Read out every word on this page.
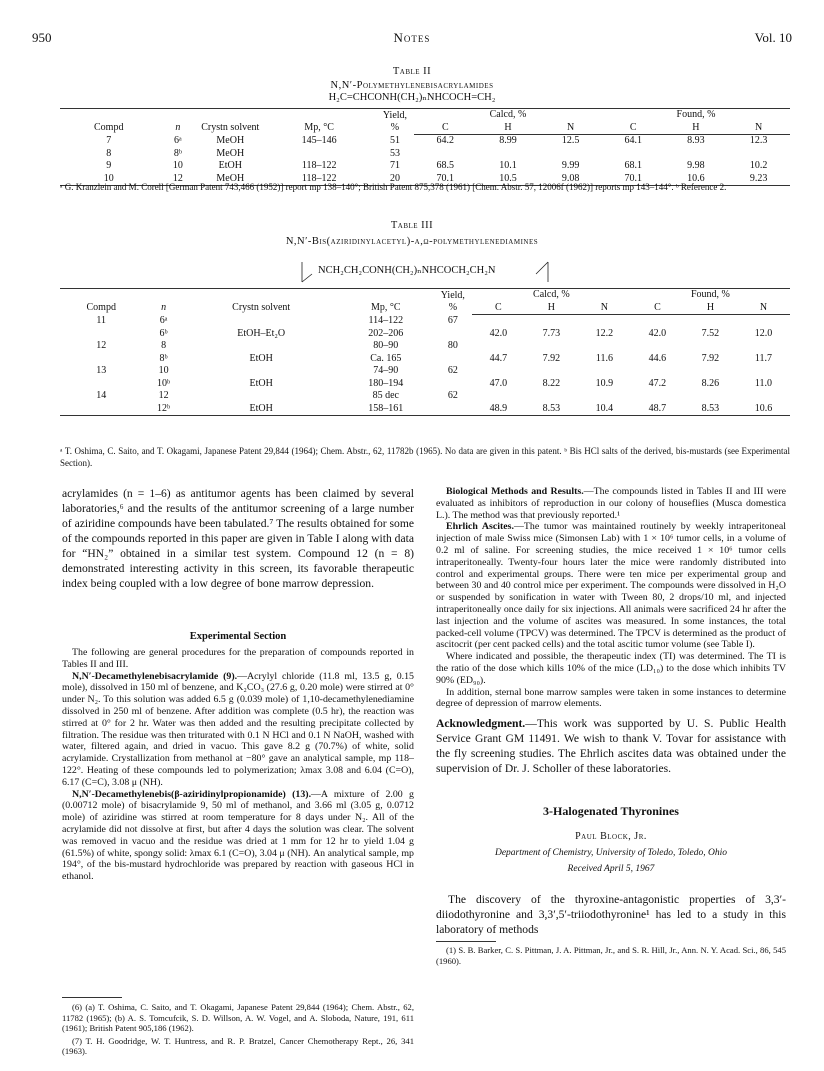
950	Notes	Vol. 10
Table II
N,N′-Polymethylenebisacrylamides
H₂C=CHCONH(CH₂)ₙNHCOCH=CH₂
Compd	n	Crystn solvent	Mp, °C	Yield, %	Calcd, %			Found, %		
					C	H	N	C	H	N
7	6ᵃ	MeOH	145–146	51	64.2	8.99	12.5	64.1	8.93	12.3
8	8ᵇ	MeOH		53						
9	10	EtOH	118–122	71	68.5	10.1	9.99	68.1	9.98	10.2
10	12	MeOH	118–122	20	70.1	10.5	9.08	70.1	10.6	9.23
ᵃ G. Kranzlein and M. Corell [German Patent 743,466 (1952)] report mp 138–140°; British Patent 875,378 (1961) [Chem. Abstr. 57, 12006f (1962)] reports mp 143–144°. ᵇ Reference 2.
Table III
N,N′-Bis(aziridinylacetyl)-α,ω-polymethylenediamines
NCH₂CH₂CONH(CH₂)ₙNHCOCH₂CH₂N
Compd	n	Crystn solvent	Mp, °C	Yield, %	Calcd, %			Found, %		
					C	H	N	C	H	N
11	6ᵃ		114–122	67						
	6ᵇ	EtOH–Et₂O	202–206		42.0	7.73	12.2	42.0	7.52	12.0
12	8		80–90	80						
	8ᵇ	EtOH	Ca. 165		44.7	7.92	11.6	44.6	7.92	11.7
13	10		74–90	62						
	10ᵇ	EtOH	180–194		47.0	8.22	10.9	47.2	8.26	11.0
14	12		85 dec	62						
	12ᵇ	EtOH	158–161		48.9	8.53	10.4	48.7	8.53	10.6
ᵃ T. Oshima, C. Saito, and T. Okagami, Japanese Patent 29,844 (1964); Chem. Abstr., 62, 11782b (1965). No data are given in this patent. ᵇ Bis HCl salts of the derived, bis-mustards (see Experimental Section).

acrylamides (n = 1–6) as antitumor agents has been claimed by several laboratories,⁶ and the results of the antitumor screening of a large number of aziridine compounds have been tabulated.⁷ The results obtained for some of the compounds reported in this paper are given in Table I along with data for “HN₂” obtained in a similar test system. Compound 12 (n = 8) demonstrated interesting activity in this screen, its favorable therapeutic index being coupled with a low degree of bone marrow depression.

Experimental Section

The following are general procedures for the preparation of compounds reported in Tables II and III.

N,N′-Decamethylenebisacrylamide (9).—Acrylyl chloride (11.8 ml, 13.5 g, 0.15 mole), dissolved in 150 ml of benzene, and K₂CO₃ (27.6 g, 0.20 mole) were stirred at 0° under N₂. To this solution was added 6.5 g (0.039 mole) of 1,10-decamethylenediamine dissolved in 250 ml of benzene. After addition was complete (0.5 hr), the reaction was stirred at 0° for 2 hr. Water was then added and the resulting precipitate collected by filtration. The residue was then triturated with 0.1 N HCl and 0.1 N NaOH, washed with water, filtered again, and dried in vacuo. This gave 8.2 g (70.7%) of white, solid acrylamide. Crystallization from methanol at −80° gave an analytical sample, mp 118–122°. Heating of these compounds led to polymerization; λmax 3.08 and 6.04 (C=O), 6.17 (C=C), 3.08 μ (NH).

N,N′-Decamethylenebis(β-aziridinylpropionamide) (13).—A mixture of 2.00 g (0.00712 mole) of bisacrylamide 9, 50 ml of methanol, and 3.66 ml (3.05 g, 0.0712 mole) of aziridine was stirred at room temperature for 8 days under N₂. All of the acrylamide did not dissolve at first, but after 4 days the solution was clear. The solvent was removed in vacuo and the residue was dried at 1 mm for 12 hr to yield 1.04 g (61.5%) of white, spongy solid: λmax 6.1 (C=O), 3.04 μ (NH). An analytical sample, mp 194°, of the bis-mustard hydrochloride was prepared by reaction with gaseous HCl in ethanol.

(6) (a) T. Oshima, C. Saito, and T. Okagami, Japanese Patent 29,844 (1964); Chem. Abstr., 62, 11782 (1965); (b) A. S. Tomcufcik, S. D. Willson, A. W. Vogel, and A. Sloboda, Nature, 191, 611 (1961); British Patent 905,186 (1962).

(7) T. H. Goodridge, W. T. Huntress, and R. P. Bratzel, Cancer Chemotherapy Rept., 26, 341 (1963).

Biological Methods and Results.—The compounds listed in Tables II and III were evaluated as inhibitors of reproduction in our colony of houseflies (Musca domestica L.). The method was that previously reported.¹

Ehrlich Ascites.—The tumor was maintained routinely by weekly intraperitoneal injection of male Swiss mice (Simonsen Lab) with 1 × 10⁶ tumor cells, in a volume of 0.2 ml of saline. For screening studies, the mice received 1 × 10⁶ tumor cells intraperitoneally. Twenty-four hours later the mice were randomly distributed into control and experimental groups. There were ten mice per experimental group and between 30 and 40 control mice per experiment. The compounds were dissolved in H₂O or suspended by sonification in water with Tween 80, 2 drops/10 ml, and injected intraperitoneally once daily for six injections. All animals were sacrificed 24 hr after the last injection and the volume of ascites was measured. In some instances, the total packed-cell volume (TPCV) was determined. The TPCV is determined as the product of ascitocrit (per cent packed cells) and the total ascitic tumor volume (see Table I).

Where indicated and possible, the therapeutic index (TI) was determined. The TI is the ratio of the dose which kills 10% of the mice (LD₁₀) to the dose which inhibits TV 90% (ED₉₀).

In addition, sternal bone marrow samples were taken in some instances to determine degree of depression of marrow elements.

Acknowledgment.—This work was supported by U. S. Public Health Service Grant GM 11491. We wish to thank V. Tovar for assistance with the fly screening studies. The Ehrlich ascites data was obtained under the supervision of Dr. J. Scholler of these laboratories.

3-Halogenated Thyronines
Paul Block, Jr.
Department of Chemistry, University of Toledo, Toledo, Ohio
Received April 5, 1967

The discovery of the thyroxine-antagonistic properties of 3,3′-diiodothyronine and 3,3′,5′-triiodothyronine¹ has led to a study in this laboratory of methods

(1) S. B. Barker, C. S. Pittman, J. A. Pittman, Jr., and S. R. Hill, Jr., Ann. N. Y. Acad. Sci., 86, 545 (1960).
